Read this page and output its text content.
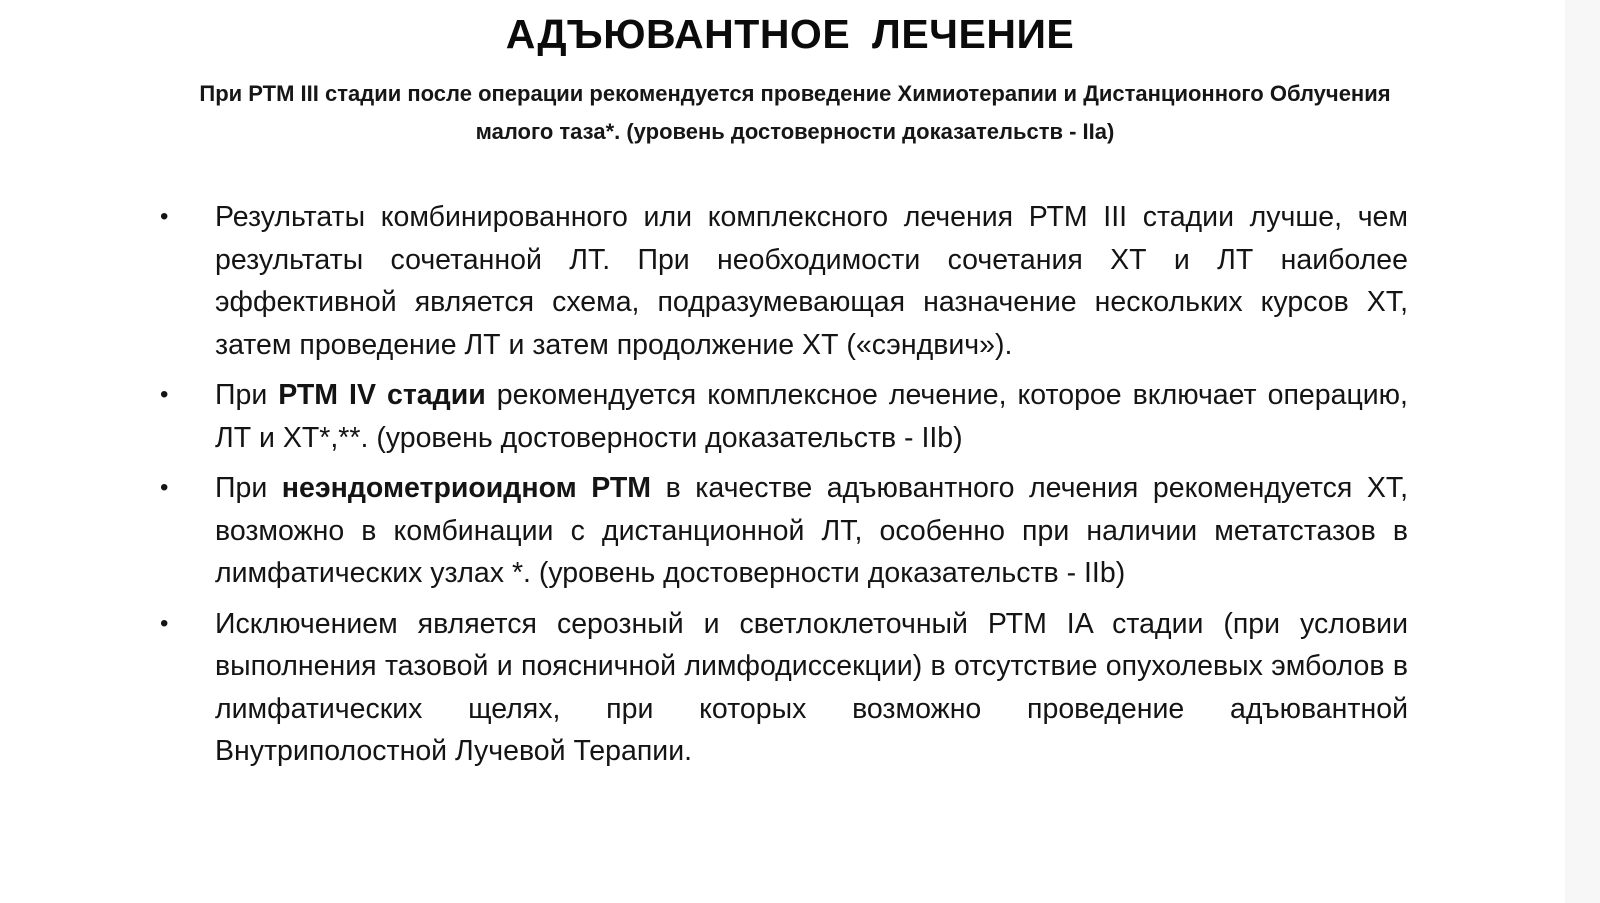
АДЪЮВАНТНОЕ ЛЕЧЕНИЕ
При РТМ III стадии после операции рекомендуется проведение Химиотерапии и Дистанционного Облучения
малого таза*. (уровень достоверности доказательств - IIa)
•	Результаты комбинированного или комплексного лечения РТМ III стадии лучше, чем результаты сочетанной ЛТ. При необходимости сочетания ХТ и ЛТ наиболее эффективной является схема, подразумевающая назначение нескольких курсов ХТ, затем проведение ЛТ и затем продолжение ХТ («сэндвич»).
•	При РТМ IV стадии рекомендуется комплексное лечение, которое включает операцию, ЛТ и ХТ*,**. (уровень достоверности доказательств - IIb)
•	При неэндометриоидном РТМ в качестве адъювантного лечения рекомендуется ХТ, возможно в комбинации с дистанционной ЛТ, особенно при наличии метатстазов в лимфатических узлах *. (уровень достоверности доказательств - IIb)
•	Исключением является серозный и светлоклеточный РТМ IA стадии (при условии выполнения тазовой и поясничной лимфодиссекции) в отсутствие опухолевых эмболов в лимфатических щелях, при которых возможно проведение адъювантной Внутриполостной Лучевой Терапии.
